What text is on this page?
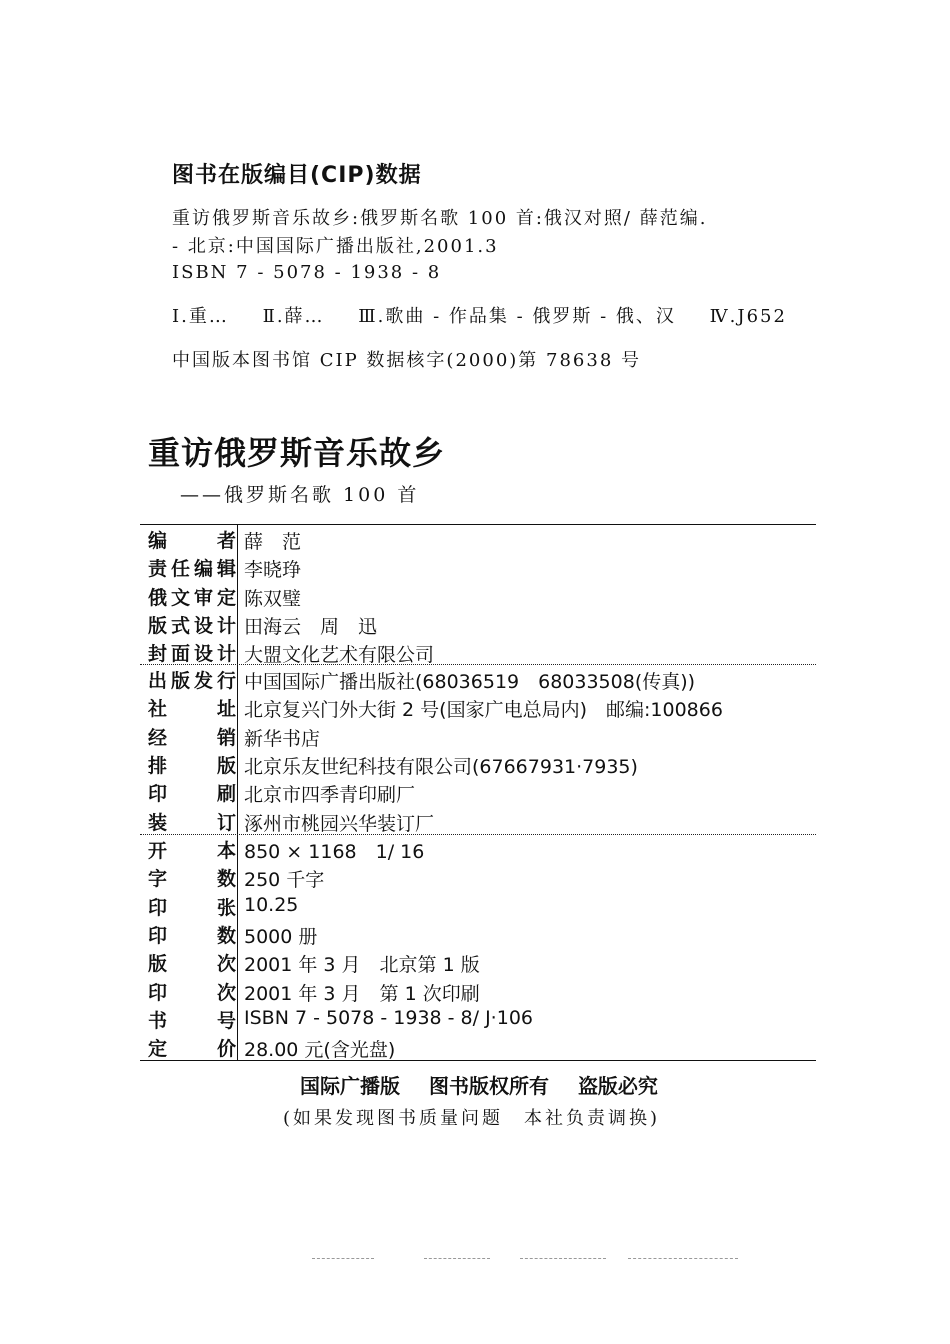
图书在版编目(CIP)数据
重访俄罗斯音乐故乡:俄罗斯名歌 100 首:俄汉对照/ 薛范编.
- 北京:中国国际广播出版社,2001.3
ISBN 7 - 5078 - 1938 - 8
Ⅰ.重… Ⅱ.薛… Ⅲ.歌曲 - 作品集 - 俄罗斯 - 俄、汉 Ⅳ.J652
中国版本图书馆 CIP 数据核字(2000)第 78638 号
重访俄罗斯音乐故乡
——俄罗斯名歌 100 首
编	者 薛　范
责 任 编 辑 李晓琤
俄 文 审 定 陈双璧
版 式 设 计 田海云　周　迅
封 面 设 计 大盟文化艺术有限公司
出 版 发 行 中国国际广播出版社(68036519　68033508(传真))
社	址 北京复兴门外大街 2 号(国家广电总局内)　邮编:100866
经	销 新华书店
排	版 北京乐友世纪科技有限公司(67667931·7935)
印	刷 北京市四季青印刷厂
装	订 涿州市桃园兴华装订厂
开	本 850 × 1168　1/ 16
字	数 250 千字
印	张 10.25
印	数 5000 册
版	次 2001 年 3 月　北京第 1 版
印	次 2001 年 3 月　第 1 次印刷
书	号 ISBN 7 - 5078 - 1938 - 8/ J·106
定	价 28.00 元(含光盘)
国际广播版 图书版权所有 盗版必究
(如果发现图书质量问题　本社负责调换)
